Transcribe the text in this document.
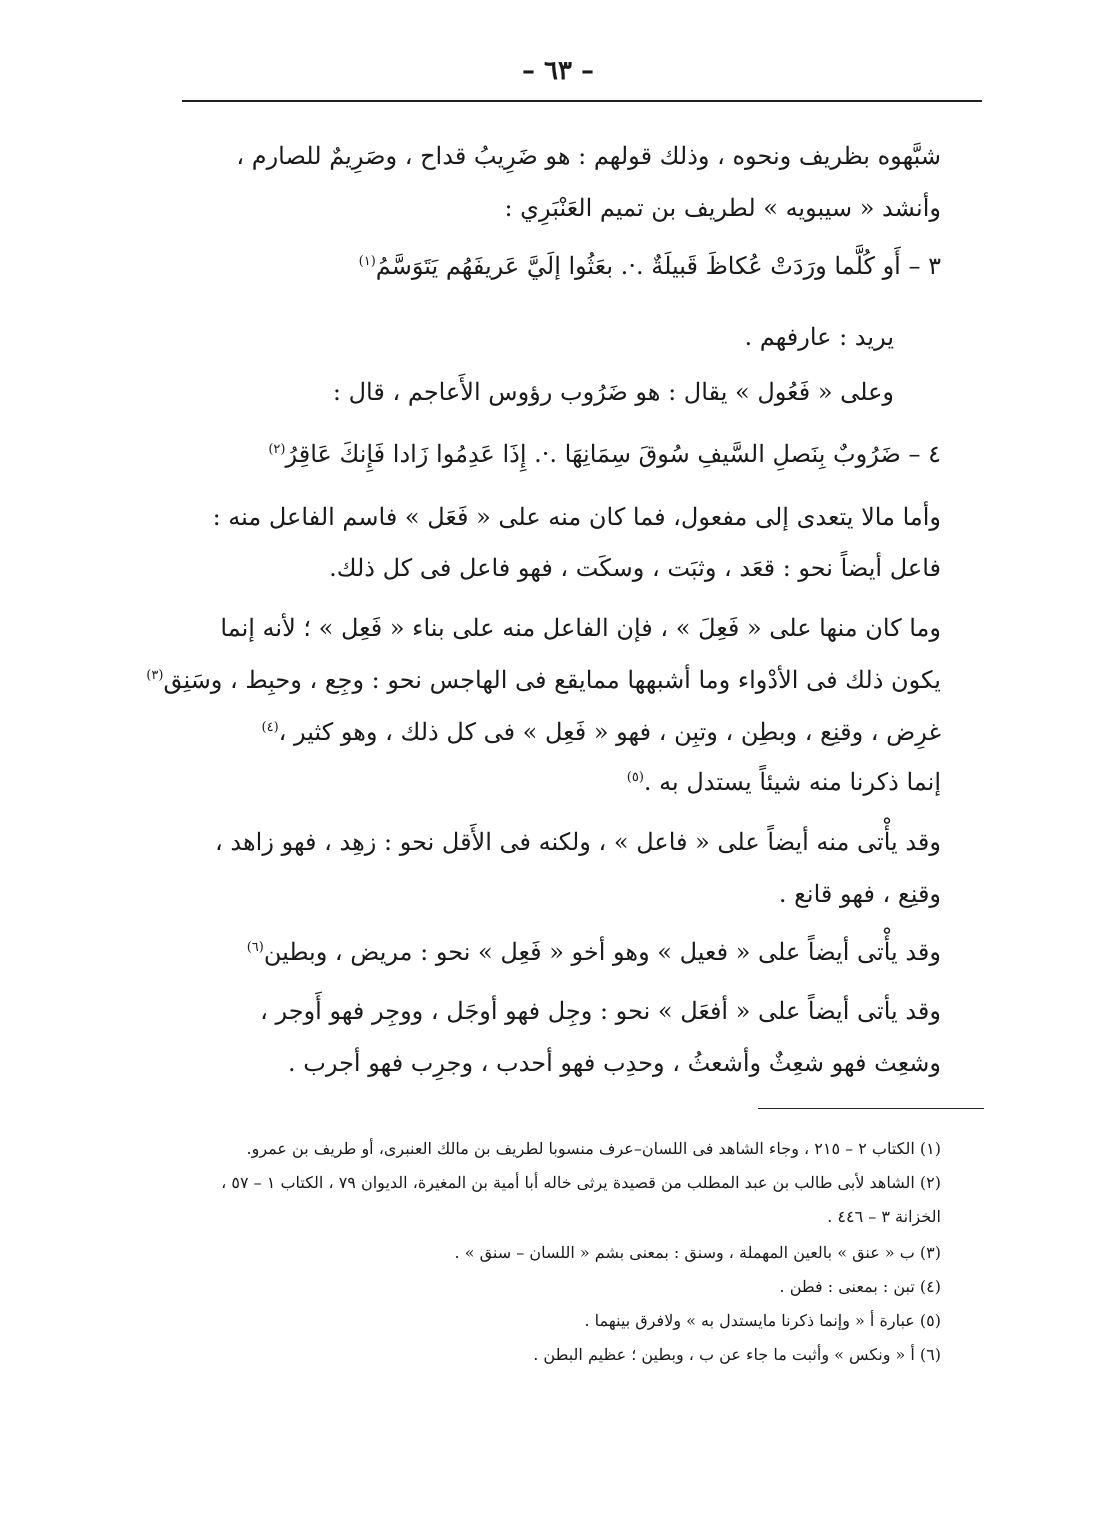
– ٦٣ –
شبَّهوه بظريف ونحوه ، وذلك قولهم : هو ضَرِيبُ قداح ، وصَرِيمٌ للصارم ،
وأنشد « سيبويه » لطريف بن تميم العَنْبَرِي :
٣ – أَو كُلَّما ورَدَتْ عُكاظَ قَبيلَةٌ .·. بعَثُوا إلَيَّ عَريفَهُم يَتَوَسَّمُ$^{(١)}$
يريد : عارفهم .
وعلى « فَعُول » يقال : هو ضَرُوب رؤوس الأَعاجم ، قال :
٤ – ضَرُوبٌ بِنَصلِ السَّيفِ سُوقَ سِمَانِهَا .·. إِذَا عَدِمُوا زَادا فَإِنكَ عَاقِرُ$^{(٢)}$
وأما مالا يتعدى إلى مفعول، فما كان منه على « فَعَل » فاسم الفاعل منه :
فاعل أيضاً نحو : قعَد ، وثبَت ، وسكَت ، فهو فاعل فى كل ذلك.
وما كان منها على « فَعِلَ » ، فإن الفاعل منه على بناء « فَعِل » ؛ لأنه إنما
يكون ذلك فى الأدْواء وما أشبهها ممايقع فى الهاجس نحو : وجِع ، وحبِط ، وسَنِق$^{(٣)}$
غرِض ، وقنِع ، وبطِن ، وتبِن ، فهو « فَعِل » فى كل ذلك ، وهو كثير ،$^{(٤)}$
إنما ذكرنا منه شيئاً يستدل به .$^{(٥)}$
وقد يأْتى منه أيضاً على « فاعل » ، ولكنه فى الأَقل نحو : زهِد ، فهو زاهد ،
وقنِع ، فهو قانع .
وقد يأْتى أيضاً على « فعيل » وهو أخو « فَعِل » نحو : مريض ، وبطين$^{(٦)}$
وقد يأتى أيضاً على « أفعَل » نحو : وجِل فهو أوجَل ، ووجِر فهو أَوجر ،
وشعِث فهو شعِثٌ وأشعثُ ، وحدِب فهو أحدب ، وجرِب فهو أجرب .
(١) الكتاب ٢ – ٢١٥ ، وجاء الشاهد فى اللسان–عرف منسوبا لطريف بن مالك العنبرى، أو طريف بن عمرو.
(٢) الشاهد لأبى طالب بن عبد المطلب من قصيدة يرثى خاله أبا أمية بن المغيرة، الديوان ٧٩ ، الكتاب ١ – ٥٧ ،
الخزانة ٣ – ٤٤٦ .
(٣) ب « عنق » بالعين المهملة ، وسنق : بمعنى بشم « اللسان – سنق » .
(٤) تبن : بمعنى : فطن .
(٥) عبارة أ « وإنما ذكرنا مايستدل به » ولافرق بينهما .
(٦) أ « ونكس » وأثبت ما جاء عن ب ، وبطين ؛ عظيم البطن .
